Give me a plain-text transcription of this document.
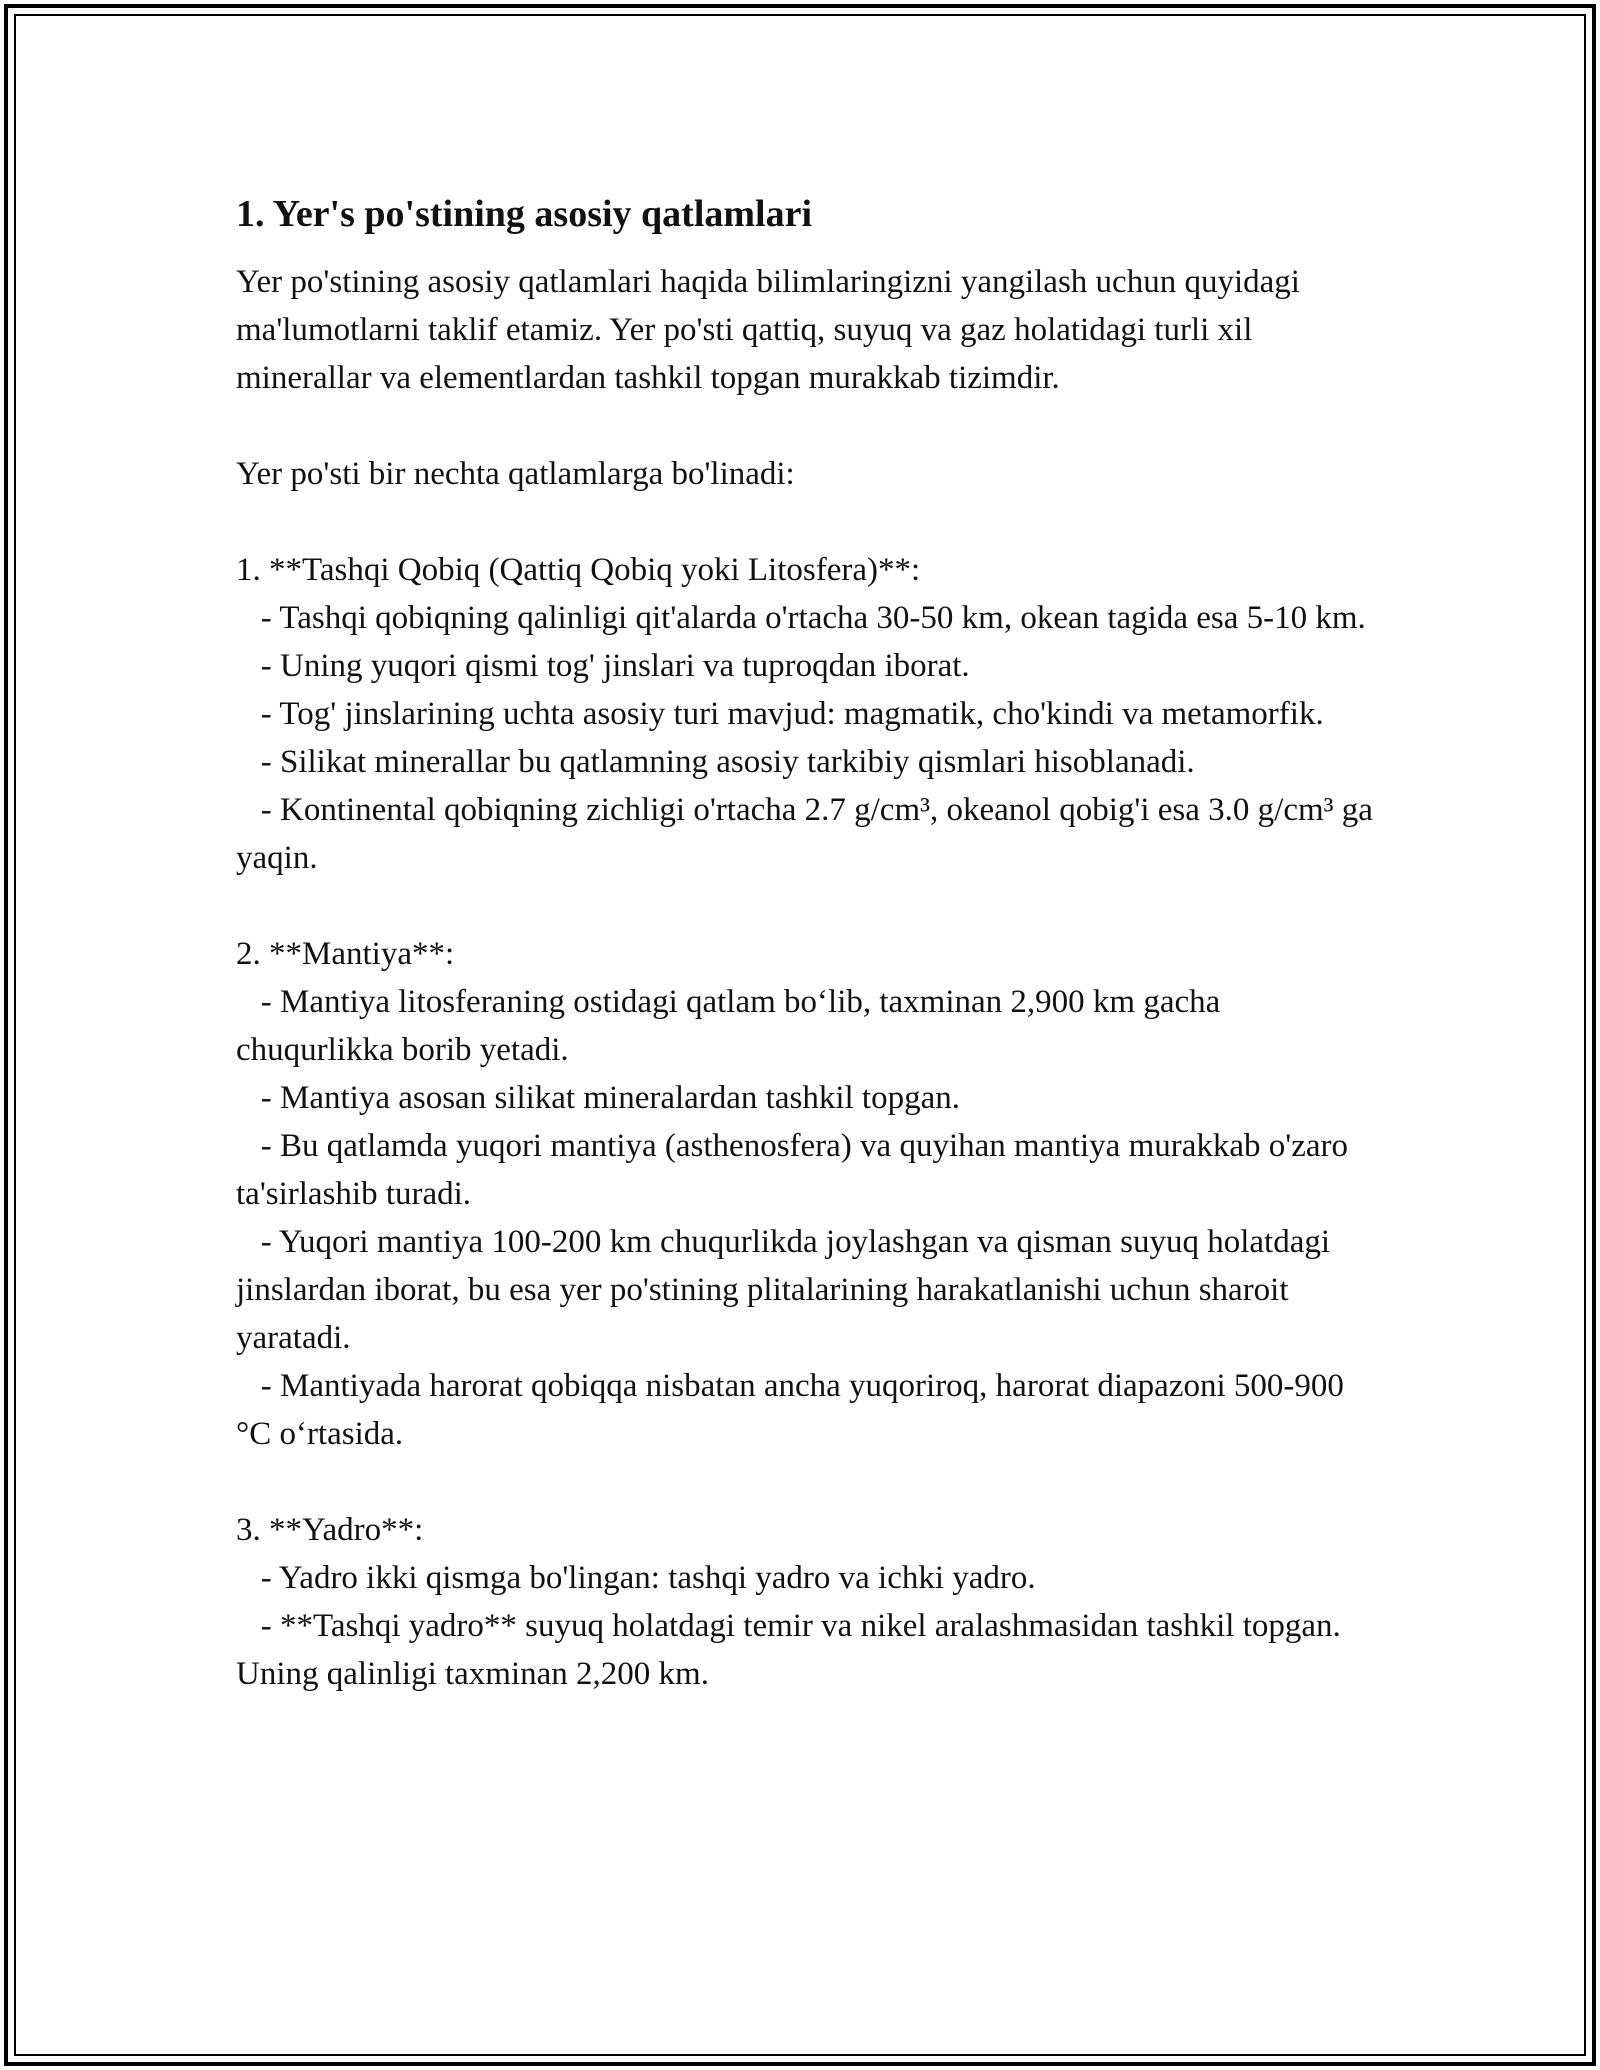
1. Yer's po'stining asosiy qatlamlari

Yer po'stining asosiy qatlamlari haqida bilimlaringizni yangilash uchun quyidagi ma'lumotlarni taklif etamiz. Yer po'sti qattiq, suyuq va gaz holatidagi turli xil minerallar va elementlardan tashkil topgan murakkab tizimdir.

Yer po'sti bir nechta qatlamlarga bo'linadi:

1. **Tashqi Qobiq (Qattiq Qobiq yoki Litosfera)**:

- Tashqi qobiqning qalinligi qit'alarda o'rtacha 30-50 km, okean tagida esa 5-10 km.

- Uning yuqori qismi tog' jinslari va tuproqdan iborat.

- Tog' jinslarining uchta asosiy turi mavjud: magmatik, cho'kindi va metamorfik.

- Silikat minerallar bu qatlamning asosiy tarkibiy qismlari hisoblanadi.

- Kontinental qobiqning zichligi o'rtacha 2.7 g/cm³, okeanol qobig'i esa 3.0 g/cm³ ga yaqin.

2. **Mantiya**:

- Mantiya litosferaning ostidagi qatlam bo‘lib, taxminan 2,900 km gacha chuqurlikka borib yetadi.

- Mantiya asosan silikat mineralardan tashkil topgan.

- Bu qatlamda yuqori mantiya (asthenosfera) va quyihan mantiya murakkab o'zaro ta'sirlashib turadi.

- Yuqori mantiya 100-200 km chuqurlikda joylashgan va qisman suyuq holatdagi jinslardan iborat, bu esa yer po'stining plitalarining harakatlanishi uchun sharoit yaratadi.

- Mantiyada harorat qobiqqa nisbatan ancha yuqoriroq, harorat diapazoni 500-900 °C o‘rtasida.

3. **Yadro**:

- Yadro ikki qismga bo'lingan: tashqi yadro va ichki yadro.

- **Tashqi yadro** suyuq holatdagi temir va nikel aralashmasidan tashkil topgan. Uning qalinligi taxminan 2,200 km.
